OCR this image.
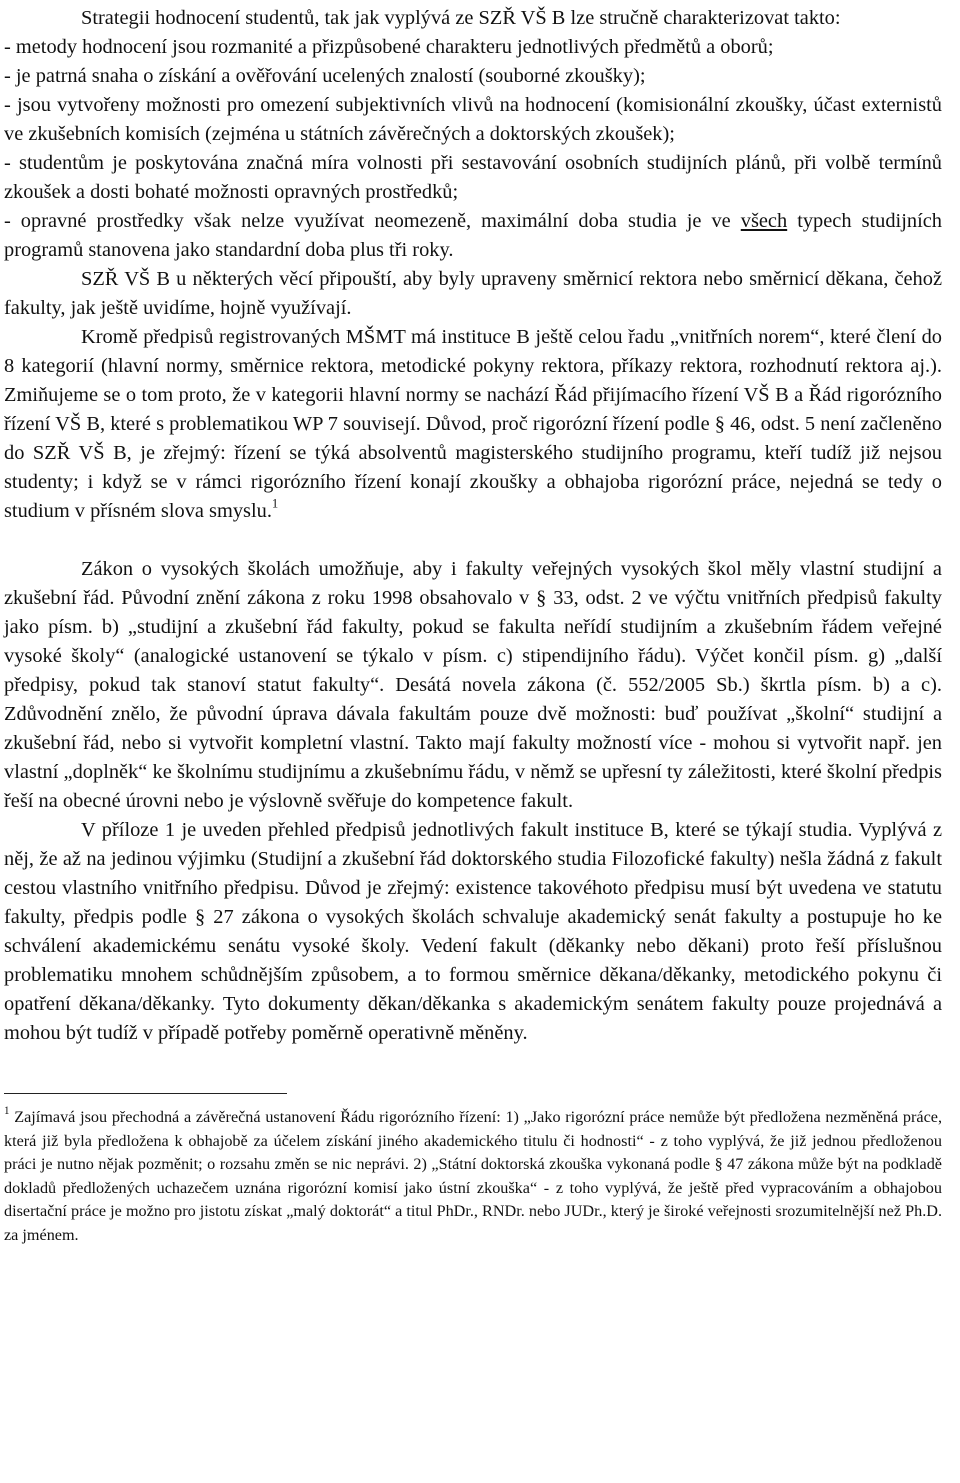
Strategii hodnocení studentů, tak jak vyplývá ze SZŘ VŠ B lze stručně charakterizovat takto:

- metody hodnocení jsou rozmanité a přizpůsobené charakteru jednotlivých předmětů a oborů;

- je patrná snaha o získání a ověřování ucelených znalostí (souborné zkoušky);

- jsou vytvořeny možnosti pro omezení subjektivních vlivů na hodnocení (komisionální zkoušky, účast externistů ve zkušebních komisích (zejména u státních závěrečných a doktorských zkoušek);

- studentům je poskytována značná míra volnosti při sestavování osobních studijních plánů, při volbě termínů zkoušek a dosti bohaté možnosti opravných prostředků;

- opravné prostředky však nelze využívat neomezeně, maximální doba studia je ve všech typech studijních programů stanovena jako standardní doba plus tři roky.

SZŘ VŠ B u některých věcí připouští, aby byly upraveny směrnicí rektora nebo směrnicí děkana, čehož fakulty, jak ještě uvidíme, hojně využívají.

Kromě předpisů registrovaných MŠMT má instituce B ještě celou řadu „vnitřních norem“, které člení do 8 kategorií (hlavní normy, směrnice rektora, metodické pokyny rektora, příkazy rektora, rozhodnutí rektora aj.). Zmiňujeme se o tom proto, že v kategorii hlavní normy se nachází Řád přijímacího řízení VŠ B a Řád rigorózního řízení VŠ B, které s problematikou WP 7 souvisejí. Důvod, proč rigorózní řízení podle § 46, odst. 5 není začleněno do SZŘ VŠ B, je zřejmý: řízení se týká absolventů magisterského studijního programu, kteří tudíž již nejsou studenty; i když se v rámci rigorózního řízení konají zkoušky a obhajoba rigorózní práce, nejedná se tedy o studium v přísném slova smyslu.$^1$

Zákon o vysokých školách umožňuje, aby i fakulty veřejných vysokých škol měly vlastní studijní a zkušební řád. Původní znění zákona z roku 1998 obsahovalo v § 33, odst. 2 ve výčtu vnitřních předpisů fakulty jako písm. b) „studijní a zkušební řád fakulty, pokud se fakulta neřídí studijním a zkušebním řádem veřejné vysoké školy“ (analogické ustanovení se týkalo v písm. c) stipendijního řádu). Výčet končil písm. g) „další předpisy, pokud tak stanoví statut fakulty“. Desátá novela zákona (č. 552/2005 Sb.) škrtla písm. b) a c). Zdůvodnění znělo, že původní úprava dávala fakultám pouze dvě možnosti: buď používat „školní“ studijní a zkušební řád, nebo si vytvořit kompletní vlastní. Takto mají fakulty možností více - mohou si vytvořit např. jen vlastní „doplněk“ ke školnímu studijnímu a zkušebnímu řádu, v němž se upřesní ty záležitosti, které školní předpis řeší na obecné úrovni nebo je výslovně svěřuje do kompetence fakult.

V příloze 1 je uveden přehled předpisů jednotlivých fakult instituce B, které se týkají studia. Vyplývá z něj, že až na jedinou výjimku (Studijní a zkušební řád doktorského studia Filozofické fakulty) nešla žádná z fakult cestou vlastního vnitřního předpisu. Důvod je zřejmý: existence takovéhoto předpisu musí být uvedena ve statutu fakulty, předpis podle § 27 zákona o vysokých školách schvaluje akademický senát fakulty a postupuje ho ke schválení akademickému senátu vysoké školy. Vedení fakult (děkanky nebo děkani) proto řeší příslušnou problematiku mnohem schůdnějším způsobem, a to formou směrnice děkana/děkanky, metodického pokynu či opatření děkana/děkanky. Tyto dokumenty děkan/děkanka s akademickým senátem fakulty pouze projednává a mohou být tudíž v případě potřeby poměrně operativně měněny.

$^1$ Zajímavá jsou přechodná a závěrečná ustanovení Řádu rigorózního řízení: 1) „Jako rigorózní práce nemůže být předložena nezměněná práce, která již byla předložena k obhajobě za účelem získání jiného akademického titulu či hodnosti“ - z toho vyplývá, že již jednou předloženou práci je nutno nějak pozměnit; o rozsahu změn se nic neprávi. 2) „Státní doktorská zkouška vykonaná podle § 47 zákona může být na podkladě dokladů předložených uchazečem uznána rigorózní komisí jako ústní zkouška“ - z toho vyplývá, že ještě před vypracováním a obhajobou disertační práce je možno pro jistotu získat „malý doktorát“ a titul PhDr., RNDr. nebo JUDr., který je široké veřejnosti srozumitelnější než Ph.D. za jménem.
